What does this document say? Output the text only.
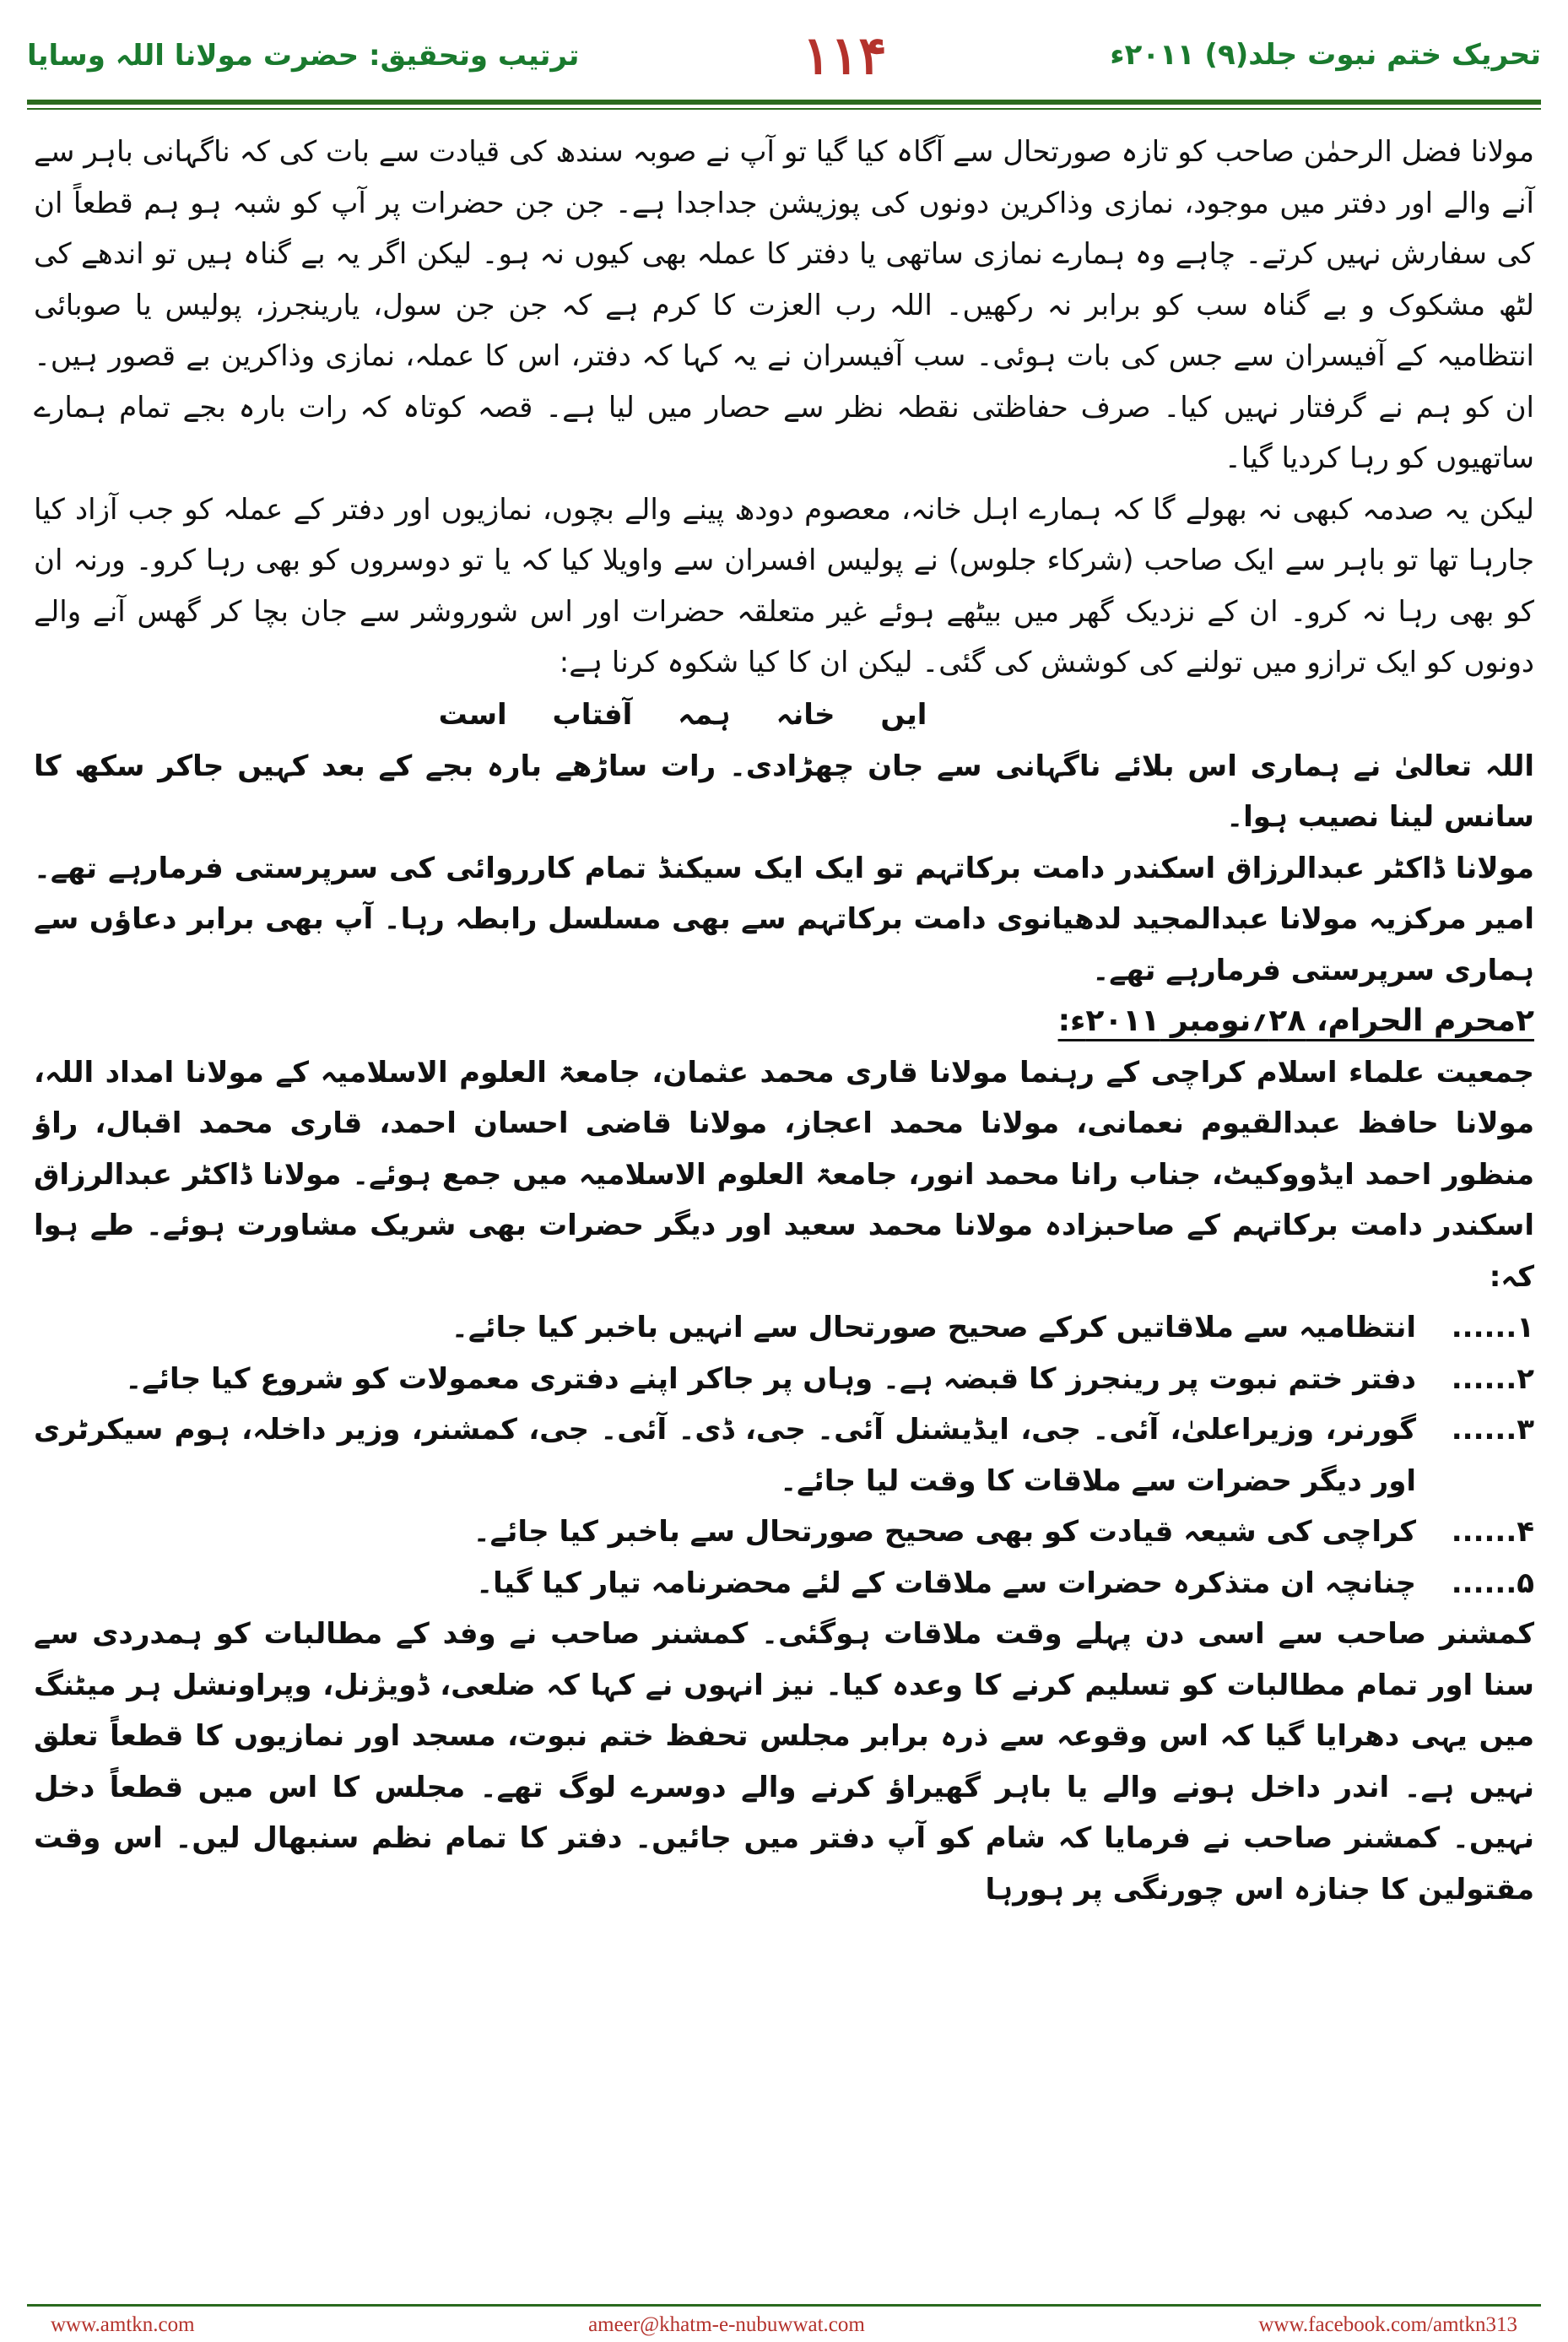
ترتیب وتحقیق: حضرت مولانا اللہ وسایا	۱۱۴	تحریک ختم نبوت جلد(۹) ۲۰۱۱ء

مولانا فضل الرحمٰن صاحب کو تازہ صورتحال سے آگاہ کیا گیا تو آپ نے صوبہ سندھ کی قیادت سے بات کی کہ ناگہانی باہر سے آنے والے اور دفتر میں موجود، نمازی وذاکرین دونوں کی پوزیشن جداجدا ہے۔ جن جن حضرات پر آپ کو شبہ ہو ہم قطعاً ان کی سفارش نہیں کرتے۔ چاہے وہ ہمارے نمازی ساتھی یا دفتر کا عملہ بھی کیوں نہ ہو۔ لیکن اگر یہ بے گناہ ہیں تو اندھے کی لٹھ مشکوک و بے گناہ سب کو برابر نہ رکھیں۔ اللہ رب العزت کا کرم ہے کہ جن جن سول، یارینجرز، پولیس یا صوبائی انتظامیہ کے آفیسران سے جس کی بات ہوئی۔ سب آفیسران نے یہ کہا کہ دفتر، اس کا عملہ، نمازی وذاکرین بے قصور ہیں۔ ان کو ہم نے گرفتار نہیں کیا۔ صرف حفاظتی نقطہ نظر سے حصار میں لیا ہے۔ قصہ کوتاہ کہ رات بارہ بجے تمام ہمارے ساتھیوں کو رہا کردیا گیا۔

لیکن یہ صدمہ کبھی نہ بھولے گا کہ ہمارے اہل خانہ، معصوم دودھ پینے والے بچوں، نمازیوں اور دفتر کے عملہ کو جب آزاد کیا جارہا تھا تو باہر سے ایک صاحب (شرکاء جلوس) نے پولیس افسران سے واویلا کیا کہ یا تو دوسروں کو بھی رہا کرو۔ ورنہ ان کو بھی رہا نہ کرو۔ ان کے نزدیک گھر میں بیٹھے ہوئے غیر متعلقہ حضرات اور اس شوروشر سے جان بچا کر گھس آنے والے دونوں کو ایک ترازو میں تولنے کی کوشش کی گئی۔ لیکن ان کا کیا شکوہ کرنا ہے:

ایں خانہ ہمہ آفتاب است

اللہ تعالیٰ نے ہماری اس بلائے ناگہانی سے جان چھڑادی۔ رات ساڑھے بارہ بجے کے بعد کہیں جاکر سکھ کا سانس لینا نصیب ہوا۔

مولانا ڈاکٹر عبدالرزاق اسکندر دامت برکاتہم تو ایک ایک سیکنڈ تمام کارروائی کی سرپرستی فرمارہے تھے۔ امیر مرکزیہ مولانا عبدالمجید لدھیانوی دامت برکاتہم سے بھی مسلسل رابطہ رہا۔ آپ بھی برابر دعاؤں سے ہماری سرپرستی فرمارہے تھے۔

۲محرم الحرام، ۲۸؍نومبر ۲۰۱۱ء:

جمعیت علماء اسلام کراچی کے رہنما مولانا قاری محمد عثمان، جامعۃ العلوم الاسلامیہ کے مولانا امداد اللہ، مولانا حافظ عبدالقیوم نعمانی، مولانا محمد اعجاز، مولانا قاضی احسان احمد، قاری محمد اقبال، راؤ منظور احمد ایڈووکیٹ، جناب رانا محمد انور، جامعۃ العلوم الاسلامیہ میں جمع ہوئے۔ مولانا ڈاکٹر عبدالرزاق اسکندر دامت برکاتہم کے صاحبزادہ مولانا محمد سعید اور دیگر حضرات بھی شریک مشاورت ہوئے۔ طے ہوا کہ:

۱......
انتظامیہ سے ملاقاتیں کرکے صحیح صورتحال سے انہیں باخبر کیا جائے۔
۲......
دفتر ختم نبوت پر رینجرز کا قبضہ ہے۔ وہاں پر جاکر اپنے دفتری معمولات کو شروع کیا جائے۔
۳......
گورنر، وزیراعلیٰ، آئی۔ جی، ایڈیشنل آئی۔ جی، ڈی۔ آئی۔ جی، کمشنر، وزیر داخلہ، ہوم سیکرٹری اور دیگر حضرات سے ملاقات کا وقت لیا جائے۔
۴......
کراچی کی شیعہ قیادت کو بھی صحیح صورتحال سے باخبر کیا جائے۔
۵......
چنانچہ ان متذکرہ حضرات سے ملاقات کے لئے محضرنامہ تیار کیا گیا۔

کمشنر صاحب سے اسی دن پہلے وقت ملاقات ہوگئی۔ کمشنر صاحب نے وفد کے مطالبات کو ہمدردی سے سنا اور تمام مطالبات کو تسلیم کرنے کا وعدہ کیا۔ نیز انہوں نے کہا کہ ضلعی، ڈویژنل، وپراونشل ہر میٹنگ میں یہی دھرایا گیا کہ اس وقوعہ سے ذرہ برابر مجلس تحفظ ختم نبوت، مسجد اور نمازیوں کا قطعاً تعلق نہیں ہے۔ اندر داخل ہونے والے یا باہر گھیراؤ کرنے والے دوسرے لوگ تھے۔ مجلس کا اس میں قطعاً دخل نہیں۔ کمشنر صاحب نے فرمایا کہ شام کو آپ دفتر میں جائیں۔ دفتر کا تمام نظم سنبھال لیں۔ اس وقت مقتولین کا جنازہ اس چورنگی پر ہورہا

www.amtkn.com	ameer@khatm-e-nubuwwat.com	www.facebook.com/amtkn313
